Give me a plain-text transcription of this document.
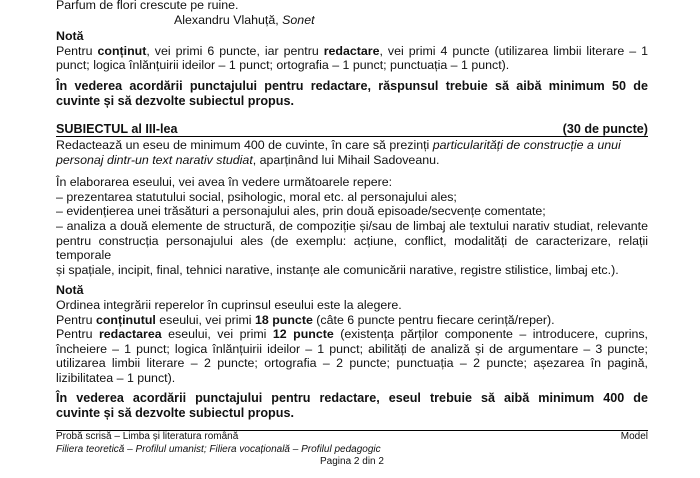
Parfum de flori crescute pe ruine.
Alexandru Vlahuță, Sonet
Notă
Pentru conținut, vei primi 6 puncte, iar pentru redactare, vei primi 4 puncte (utilizarea limbii literare – 1
punct; logica înlănțuirii ideilor – 1 punct; ortografia – 1 punct; punctuația – 1 punct).
În vederea acordării punctajului pentru redactare, răspunsul trebuie să aibă minimum 50 de
cuvinte și să dezvolte subiectul propus.
SUBIECTUL al III-lea	(30 de puncte)
Redactează un eseu de minimum 400 de cuvinte, în care să prezinți particularități de construcție a unui
personaj dintr-un text narativ studiat, aparținând lui Mihail Sadoveanu.
În elaborarea eseului, vei avea în vedere următoarele repere:
– prezentarea statutului social, psihologic, moral etc. al personajului ales;
– evidențierea unei trăsături a personajului ales, prin două episoade/secvențe comentate;
– analiza a două elemente de structură, de compoziție și/sau de limbaj ale textului narativ studiat, relevante
pentru construcția personajului ales (de exemplu: acțiune, conflict, modalități de caracterizare, relații temporale
și spațiale, incipit, final, tehnici narative, instanțe ale comunicării narative, registre stilistice, limbaj etc.).
Notă
Ordinea integrării reperelor în cuprinsul eseului este la alegere.
Pentru conținutul eseului, vei primi 18 puncte (câte 6 puncte pentru fiecare cerință/reper).
Pentru redactarea eseului, vei primi 12 puncte (existența părților componente – introducere, cuprins,
încheiere – 1 punct; logica înlănțuirii ideilor – 1 punct; abilități de analiză și de argumentare – 3 puncte;
utilizarea limbii literare – 2 puncte; ortografia – 2 puncte; punctuația – 2 puncte; așezarea în pagină,
lizibilitatea – 1 punct).
În vederea acordării punctajului pentru redactare, eseul trebuie să aibă minimum 400 de
cuvinte și să dezvolte subiectul propus.
Probă scrisă – Limba și literatura română	Model
Filiera teoretică – Profilul umanist; Filiera vocațională – Profilul pedagogic
Pagina 2 din 2
